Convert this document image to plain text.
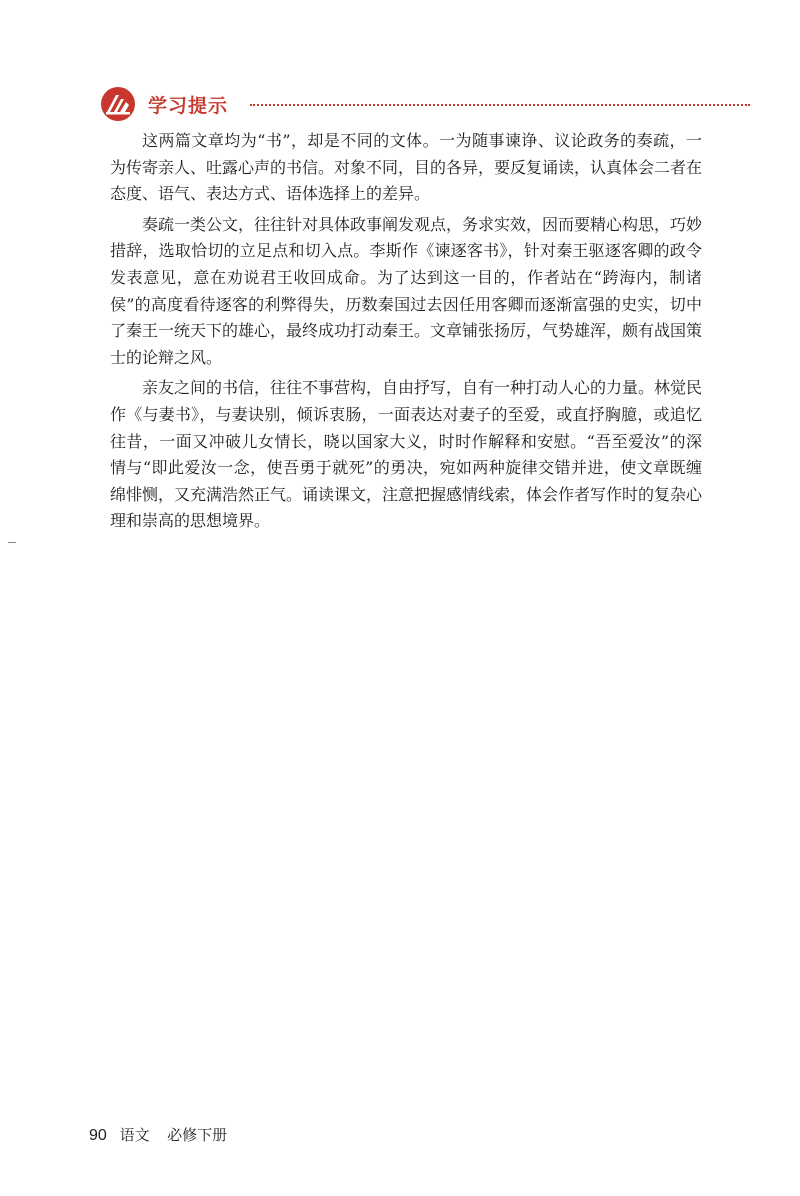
学习提示

这两篇文章均为“书”，却是不同的文体。一为随事谏诤、议论政务的奏疏，一为传寄亲人、吐露心声的书信。对象不同，目的各异，要反复诵读，认真体会二者在态度、语气、表达方式、语体选择上的差异。

奏疏一类公文，往往针对具体政事阐发观点，务求实效，因而要精心构思，巧妙措辞，选取恰切的立足点和切入点。李斯作《谏逐客书》，针对秦王驱逐客卿的政令发表意见，意在劝说君王收回成命。为了达到这一目的，作者站在“跨海内，制诸侯”的高度看待逐客的利弊得失，历数秦国过去因任用客卿而逐渐富强的史实，切中了秦王一统天下的雄心，最终成功打动秦王。文章铺张扬厉，气势雄浑，颇有战国策士的论辩之风。

亲友之间的书信，往往不事营构，自由抒写，自有一种打动人心的力量。林觉民作《与妻书》，与妻诀别，倾诉衷肠，一面表达对妻子的至爱，或直抒胸臆，或追忆往昔，一面又冲破儿女情长，晓以国家大义，时时作解释和安慰。“吾至爱汝”的深情与“即此爱汝一念，使吾勇于就死”的勇决，宛如两种旋律交错并进，使文章既缠绵悱恻，又充满浩然正气。诵读课文，注意把握感情线索，体会作者写作时的复杂心理和崇高的思想境界。

90 语文 必修下册
